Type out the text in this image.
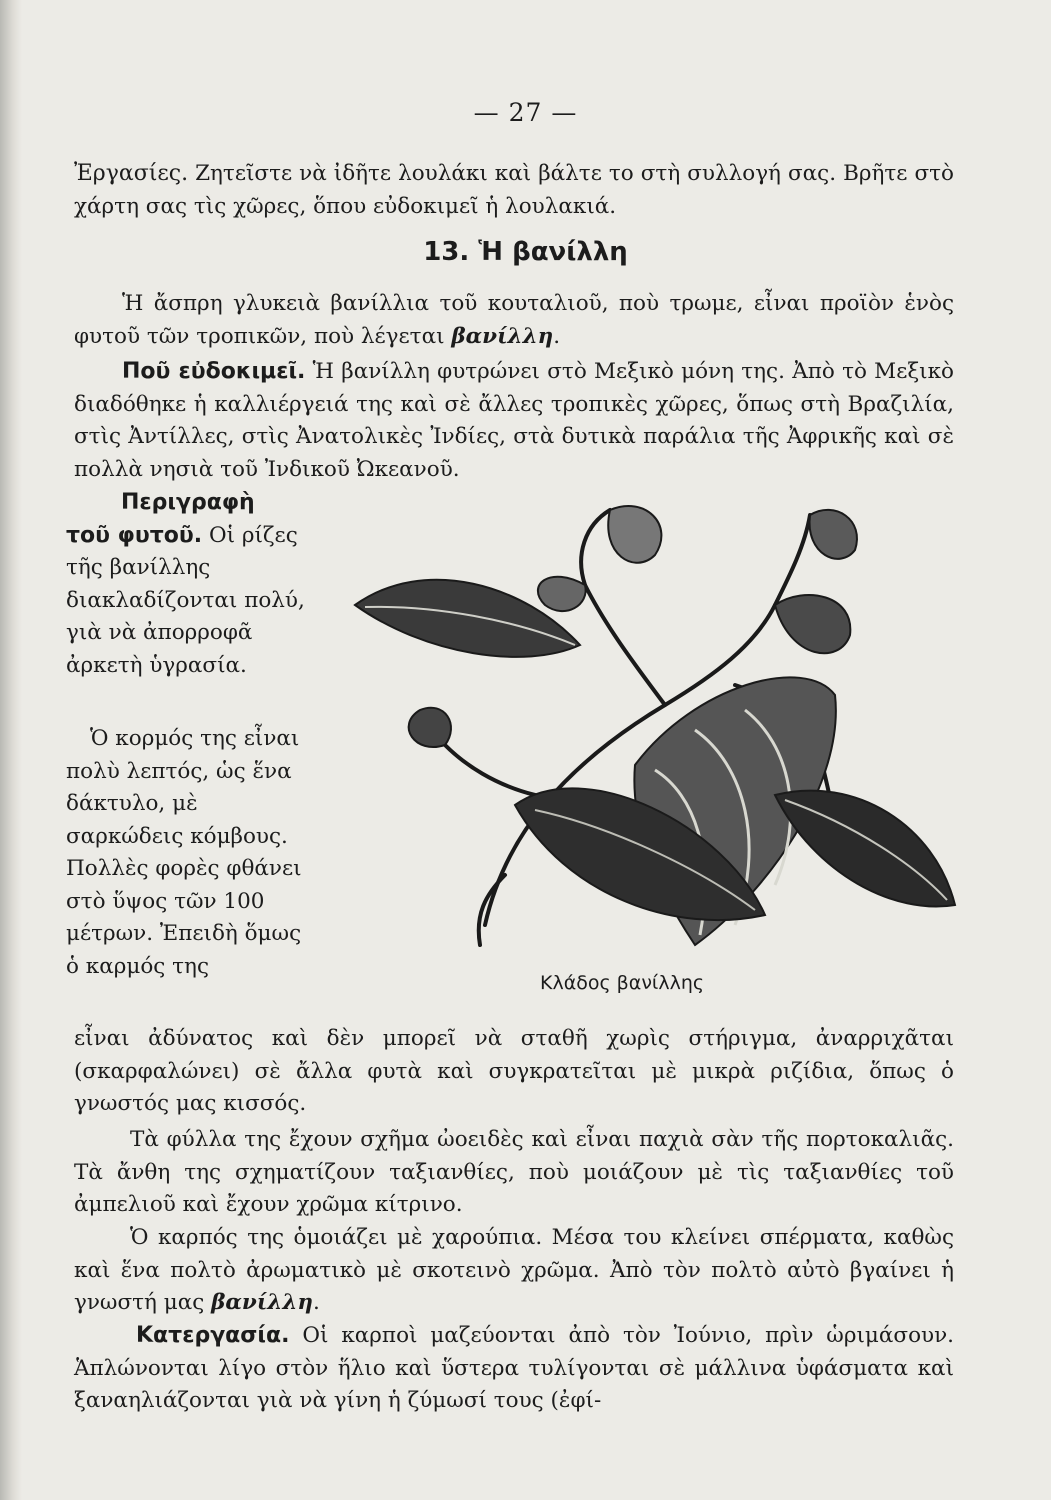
— 27 —
Ἐργασίες. Ζητεῖστε νὰ ἰδῆτε λουλάκι καὶ βάλτε το στὴ συλλογή σας. Βρῆτε στὸ χάρτη σας τὶς χῶρες, ὅπου εὐδοκιμεῖ ἡ λουλακιά.
13. Ἡ βανίλλη
Ἡ ἄσπρη γλυκειὰ βανίλλια τοῦ κουταλιοῦ, ποὺ τρωμε, εἶναι προϊὸν ἑνὸς φυτοῦ τῶν τροπικῶν, ποὺ λέγεται βανίλλη.
Ποῦ εὐδοκιμεῖ. Ἡ βανίλλη φυτρώνει στὸ Μεξικὸ μόνη της. Ἀπὸ τὸ Μεξικὸ διαδόθηκε ἡ καλλιέργειά της καὶ σὲ ἄλλες τροπικὲς χῶρες, ὅπως στὴ Βραζιλία, στὶς Ἀντίλλες, στὶς Ἀνατολικὲς Ἰνδίες, στὰ δυτικὰ παράλια τῆς Ἀφρικῆς καὶ σὲ πολλὰ νησιὰ τοῦ Ἰνδικοῦ Ὠκεανοῦ.
Περιγραφὴ τοῦ φυτοῦ. Οἱ ρίζες τῆς βανίλλης διακλαδίζονται πολύ, γιὰ νὰ ἀπορροφᾶ ἀρκετὴ ὑγρασία.
Ὁ κορμός της εἶναι πολὺ λεπτός, ὡς ἕνα δάκτυλο, μὲ σαρκώδεις κόμβους. Πολλὲς φορὲς φθάνει στὸ ὕψος τῶν 100 μέτρων. Ἐπειδὴ ὅμως ὁ καρμός της
Κλάδος βανίλλης
εἶναι ἀδύνατος καὶ δὲν μπορεῖ νὰ σταθῆ χωρὶς στήριγμα, ἀναρριχᾶται (σκαρφαλώνει) σὲ ἄλλα φυτὰ καὶ συγκρατεῖται μὲ μικρὰ ριζίδια, ὅπως ὁ γνωστός μας κισσός.
Τὰ φύλλα της ἔχουν σχῆμα ὠοειδὲς καὶ εἶναι παχιὰ σὰν τῆς πορτοκαλιᾶς. Τὰ ἄνθη της σχηματίζουν ταξιανθίες, ποὺ μοιάζουν μὲ τὶς ταξιανθίες τοῦ ἀμπελιοῦ καὶ ἔχουν χρῶμα κίτρινο.
Ὁ καρπός της ὁμοιάζει μὲ χαρούπια. Μέσα του κλείνει σπέρματα, καθὼς καὶ ἕνα πολτὸ ἀρωματικὸ μὲ σκοτεινὸ χρῶμα. Ἀπὸ τὸν πολτὸ αὐτὸ βγαίνει ἡ γνωστή μας βανίλλη.
Κατεργασία. Οἱ καρποὶ μαζεύονται ἀπὸ τὸν Ἰούνιο, πρὶν ὡριμάσουν. Ἁπλώνονται λίγο στὸν ἥλιο καὶ ὕστερα τυλίγονται σὲ μάλλινα ὑφάσματα καὶ ξαναηλιάζονται γιὰ νὰ γίνη ἡ ζύμωσί τους (ἐφί-
